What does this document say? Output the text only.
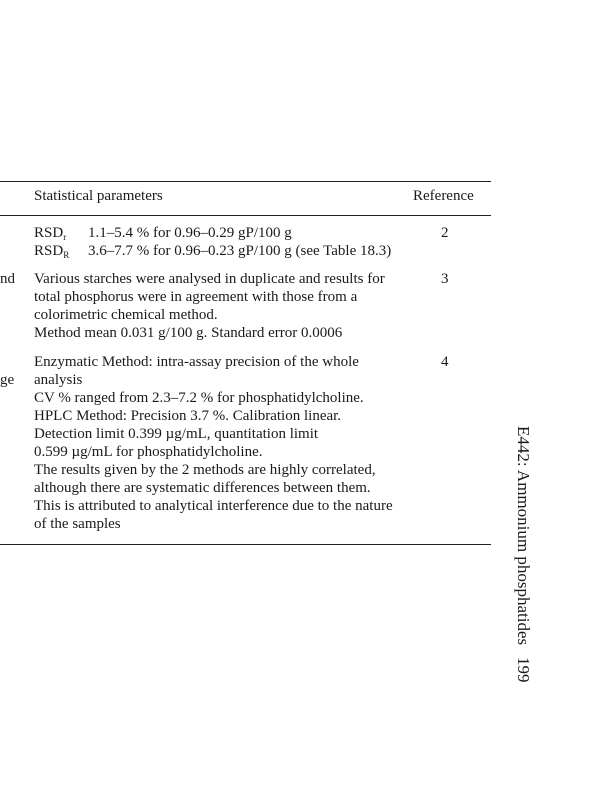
Statistical parameters	Reference
$RSD_r$ 1.1–5.4 % for 0.96–0.29 gP/100 g
$RSD_R$ 3.6–7.7 % for 0.96–0.23 gP/100 g (see Table 18.3)
2
nd Various starches were analysed in duplicate and results for
total phosphorus were in agreement with those from a
colorimetric chemical method.
Method mean 0.031 g/100 g. Standard error 0.0006
3
ge
Enzymatic Method: intra-assay precision of the whole
analysis
CV % ranged from 2.3–7.2 % for phosphatidylcholine.
HPLC Method: Precision 3.7 %. Calibration linear.
Detection limit 0.399 µg/mL, quantitation limit
0.599 µg/mL for phosphatidylcholine.
The results given by the 2 methods are highly correlated,
although there are systematic differences between them.
This is attributed to analytical interference due to the nature
of the samples
4
E442: Ammonium phosphatides
199
